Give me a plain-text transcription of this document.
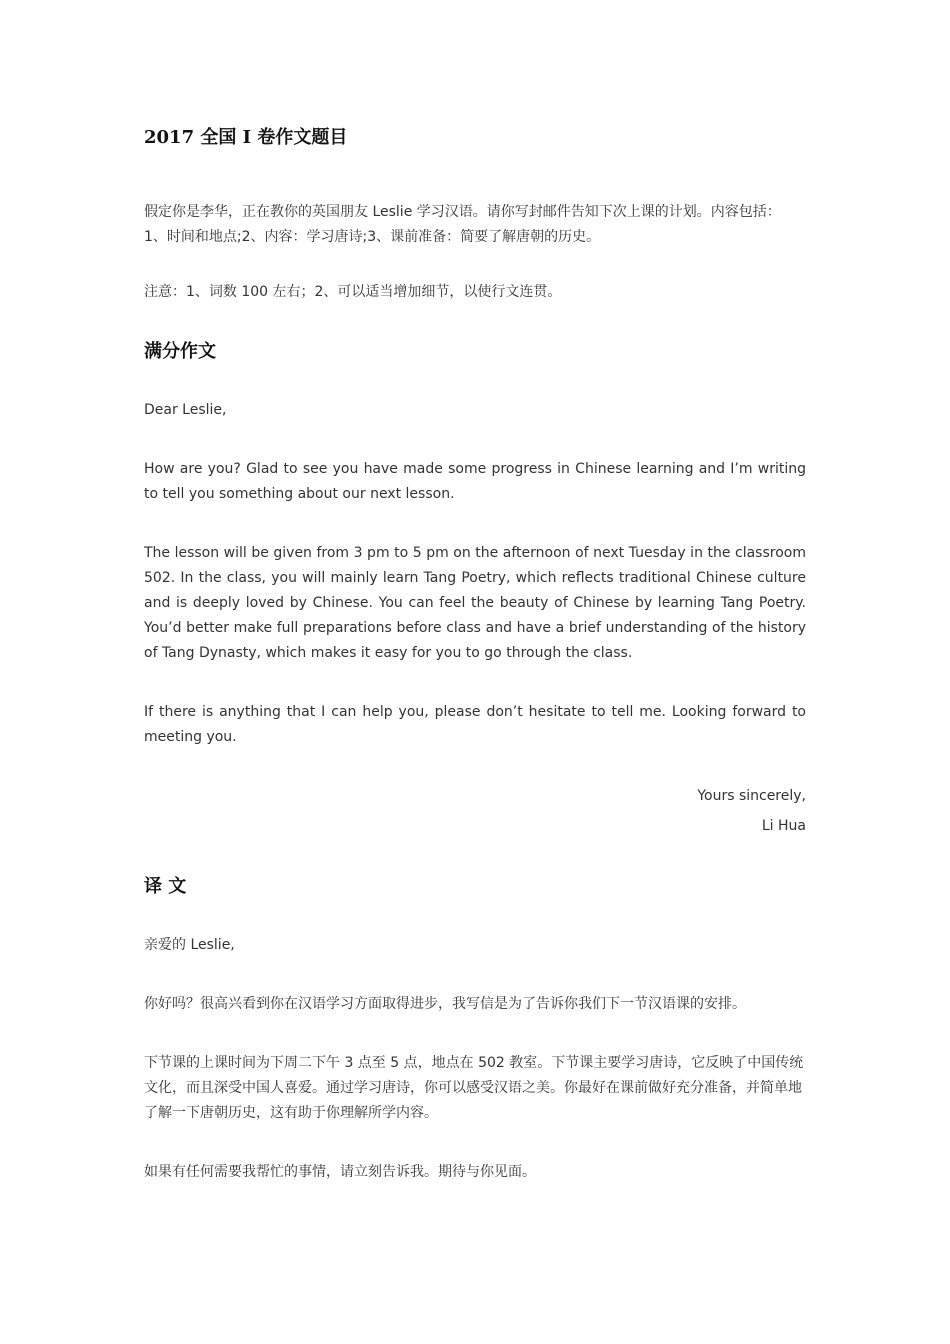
2017 全国 I 卷作文题目

假定你是李华，正在教你的英国朋友 Leslie 学习汉语。请你写封邮件告知下次上课的计划。内容包括：
1、时间和地点;2、内容：学习唐诗;3、课前准备：简要了解唐朝的历史。

注意：1、词数 100 左右；2、可以适当增加细节，以使行文连贯。

满分作文

Dear Leslie,

How are you? Glad to see you have made some progress in Chinese learning and I’m writing to tell you something about our next lesson.

The lesson will be given from 3 pm to 5 pm on the afternoon of next Tuesday in the classroom 502. In the class, you will mainly learn Tang Poetry, which reflects traditional Chinese culture and is deeply loved by Chinese. You can feel the beauty of Chinese by learning Tang Poetry. You’d better make full preparations before class and have a brief understanding of the history of Tang Dynasty, which makes it easy for you to go through the class.

If there is anything that I can help you, please don’t hesitate to tell me. Looking forward to meeting you.

Yours sincerely,

Li Hua

译 文

亲爱的 Leslie,

你好吗？很高兴看到你在汉语学习方面取得进步，我写信是为了告诉你我们下一节汉语课的安排。

下节课的上课时间为下周二下午 3 点至 5 点，地点在 502 教室。下节课主要学习唐诗，它反映了中国传统文化，而且深受中国人喜爱。通过学习唐诗，你可以感受汉语之美。你最好在课前做好充分准备，并简单地了解一下唐朝历史，这有助于你理解所学内容。

如果有任何需要我帮忙的事情，请立刻告诉我。期待与你见面。
